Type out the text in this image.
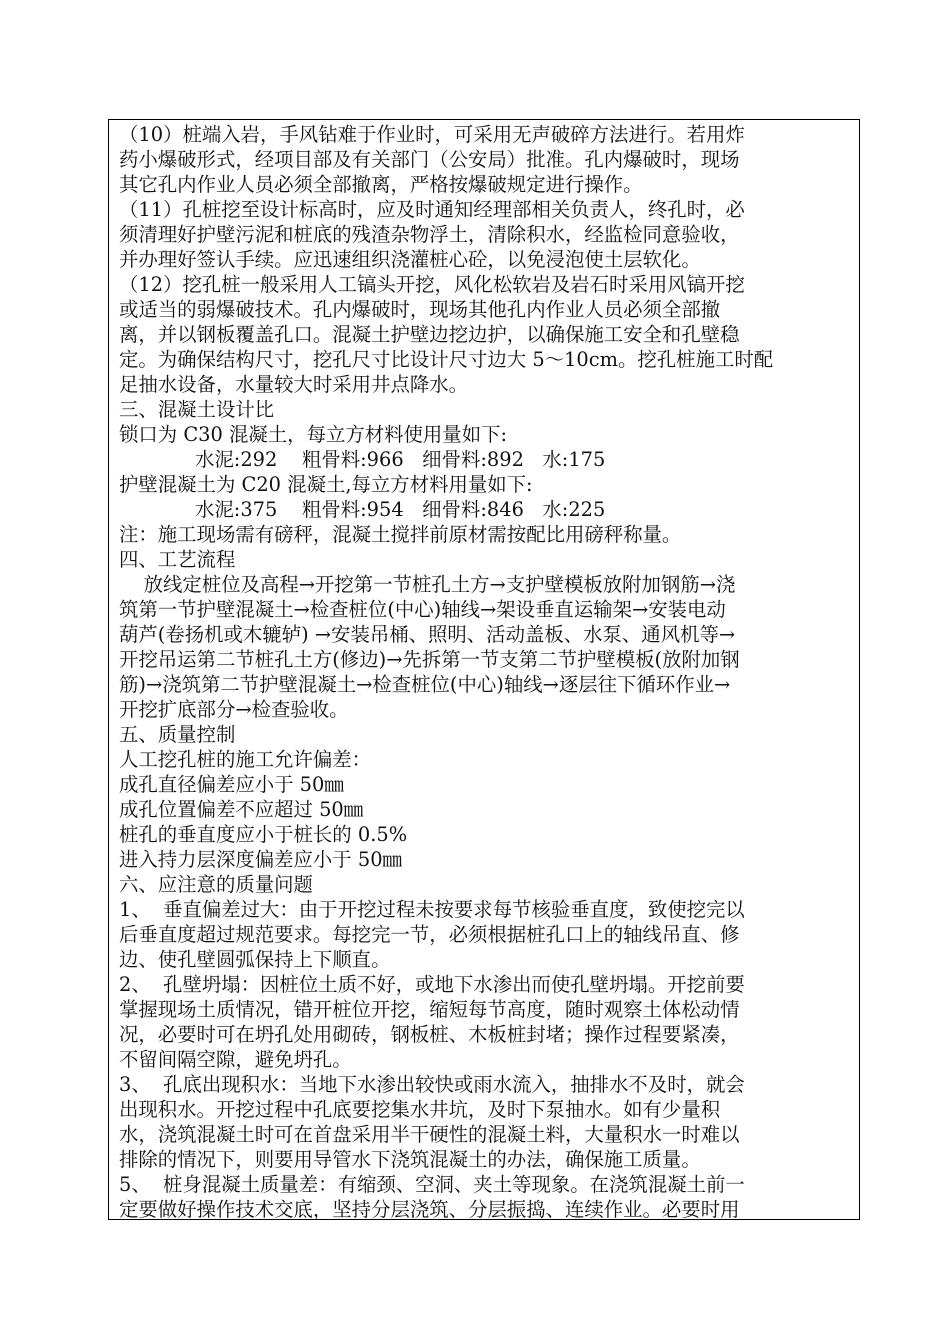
（10）桩端入岩，手风钻难于作业时，可采用无声破碎方法进行。若用炸
药小爆破形式，经项目部及有关部门（公安局）批准。孔内爆破时，现场
其它孔内作业人员必须全部撤离，严格按爆破规定进行操作。
（11）孔桩挖至设计标高时，应及时通知经理部相关负责人，终孔时，必
须清理好护壁污泥和桩底的残渣杂物浮土，清除积水，经监检同意验收，
并办理好签认手续。应迅速组织浇灌桩心砼，以免浸泡使土层软化。
（12）挖孔桩一般采用人工镐头开挖，风化松软岩及岩石时采用风镐开挖
或适当的弱爆破技术。孔内爆破时，现场其他孔内作业人员必须全部撤
离，并以钢板覆盖孔口。混凝土护壁边挖边护，以确保施工安全和孔壁稳
定。为确保结构尺寸，挖孔尺寸比设计尺寸边大 5～10cm。挖孔桩施工时配
足抽水设备，水量较大时采用井点降水。
三、混凝土设计比
锁口为 C30 混凝土，每立方材料使用量如下:
水泥:292    粗骨料:966   细骨料:892   水:175
护壁混凝土为 C20 混凝土,每立方材料用量如下:
水泥:375    粗骨料:954   细骨料:846   水:225
注：施工现场需有磅秤，混凝土搅拌前原材需按配比用磅秤称量。
四、工艺流程
放线定桩位及高程→开挖第一节桩孔土方→支护壁模板放附加钢筋→浇
筑第一节护壁混凝土→检查桩位(中心)轴线→架设垂直运输架→安装电动
葫芦(卷扬机或木辘轳) →安装吊桶、照明、活动盖板、水泵、通风机等→
开挖吊运第二节桩孔土方(修边)→先拆第一节支第二节护壁模板(放附加钢
筋)→浇筑第二节护壁混凝土→检查桩位(中心)轴线→逐层往下循环作业→
开挖扩底部分→检查验收。
五、质量控制
人工挖孔桩的施工允许偏差：
成孔直径偏差应小于 50㎜
成孔位置偏差不应超过 50㎜
桩孔的垂直度应小于桩长的 0.5%
进入持力层深度偏差应小于 50㎜
六、应注意的质量问题
1、  垂直偏差过大：由于开挖过程未按要求每节核验垂直度，致使挖完以
后垂直度超过规范要求。每挖完一节，必须根据桩孔口上的轴线吊直、修
边、使孔壁圆弧保持上下顺直。
2、  孔壁坍塌：因桩位土质不好，或地下水渗出而使孔壁坍塌。开挖前要
掌握现场土质情况，错开桩位开挖，缩短每节高度，随时观察土体松动情
况，必要时可在坍孔处用砌砖，钢板桩、木板桩封堵；操作过程要紧凑，
不留间隔空隙，避免坍孔。
3、  孔底出现积水：当地下水渗出较快或雨水流入，抽排水不及时，就会
出现积水。开挖过程中孔底要挖集水井坑，及时下泵抽水。如有少量积
水，浇筑混凝土时可在首盘采用半干硬性的混凝土料，大量积水一时难以
排除的情况下，则要用导管水下浇筑混凝土的办法，确保施工质量。
5、  桩身混凝土质量差：有缩颈、空洞、夹土等现象。在浇筑混凝土前一
定要做好操作技术交底，坚持分层浇筑、分层振捣、连续作业。必要时用
